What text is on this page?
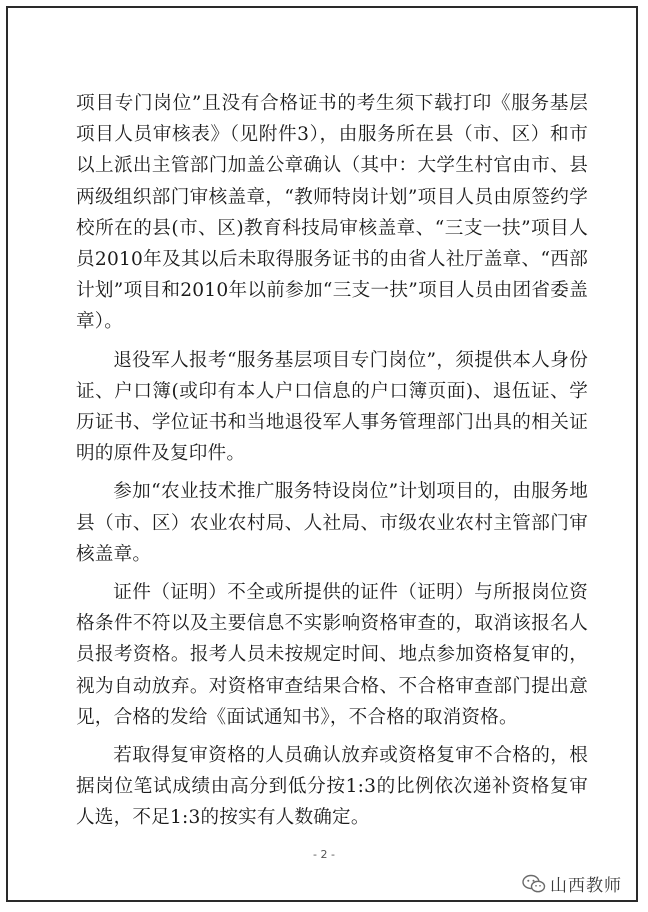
项目专门岗位”且没有合格证书的考生须下载打印《服务基层项目人员审核表》（见附件3），由服务所在县（市、区）和市以上派出主管部门加盖公章确认（其中：大学生村官由市、县两级组织部门审核盖章，“教师特岗计划”项目人员由原签约学校所在的县(市、区)教育科技局审核盖章、“三支一扶”项目人员2010年及其以后未取得服务证书的由省人社厅盖章、“西部计划”项目和2010年以前参加“三支一扶”项目人员由团省委盖章）。

退役军人报考“服务基层项目专门岗位”，须提供本人身份证、户口簿(或印有本人户口信息的户口簿页面)、退伍证、学历证书、学位证书和当地退役军人事务管理部门出具的相关证明的原件及复印件。

参加“农业技术推广服务特设岗位”计划项目的，由服务地县（市、区）农业农村局、人社局、市级农业农村主管部门审核盖章。

证件（证明）不全或所提供的证件（证明）与所报岗位资格条件不符以及主要信息不实影响资格审查的，取消该报名人员报考资格。报考人员未按规定时间、地点参加资格复审的，视为自动放弃。对资格审查结果合格、不合格审查部门提出意见，合格的发给《面试通知书》，不合格的取消资格。

若取得复审资格的人员确认放弃或资格复审不合格的，根据岗位笔试成绩由高分到低分按1:3的比例依次递补资格复审人选，不足1:3的按实有人数确定。

- 2 -
山西教师
